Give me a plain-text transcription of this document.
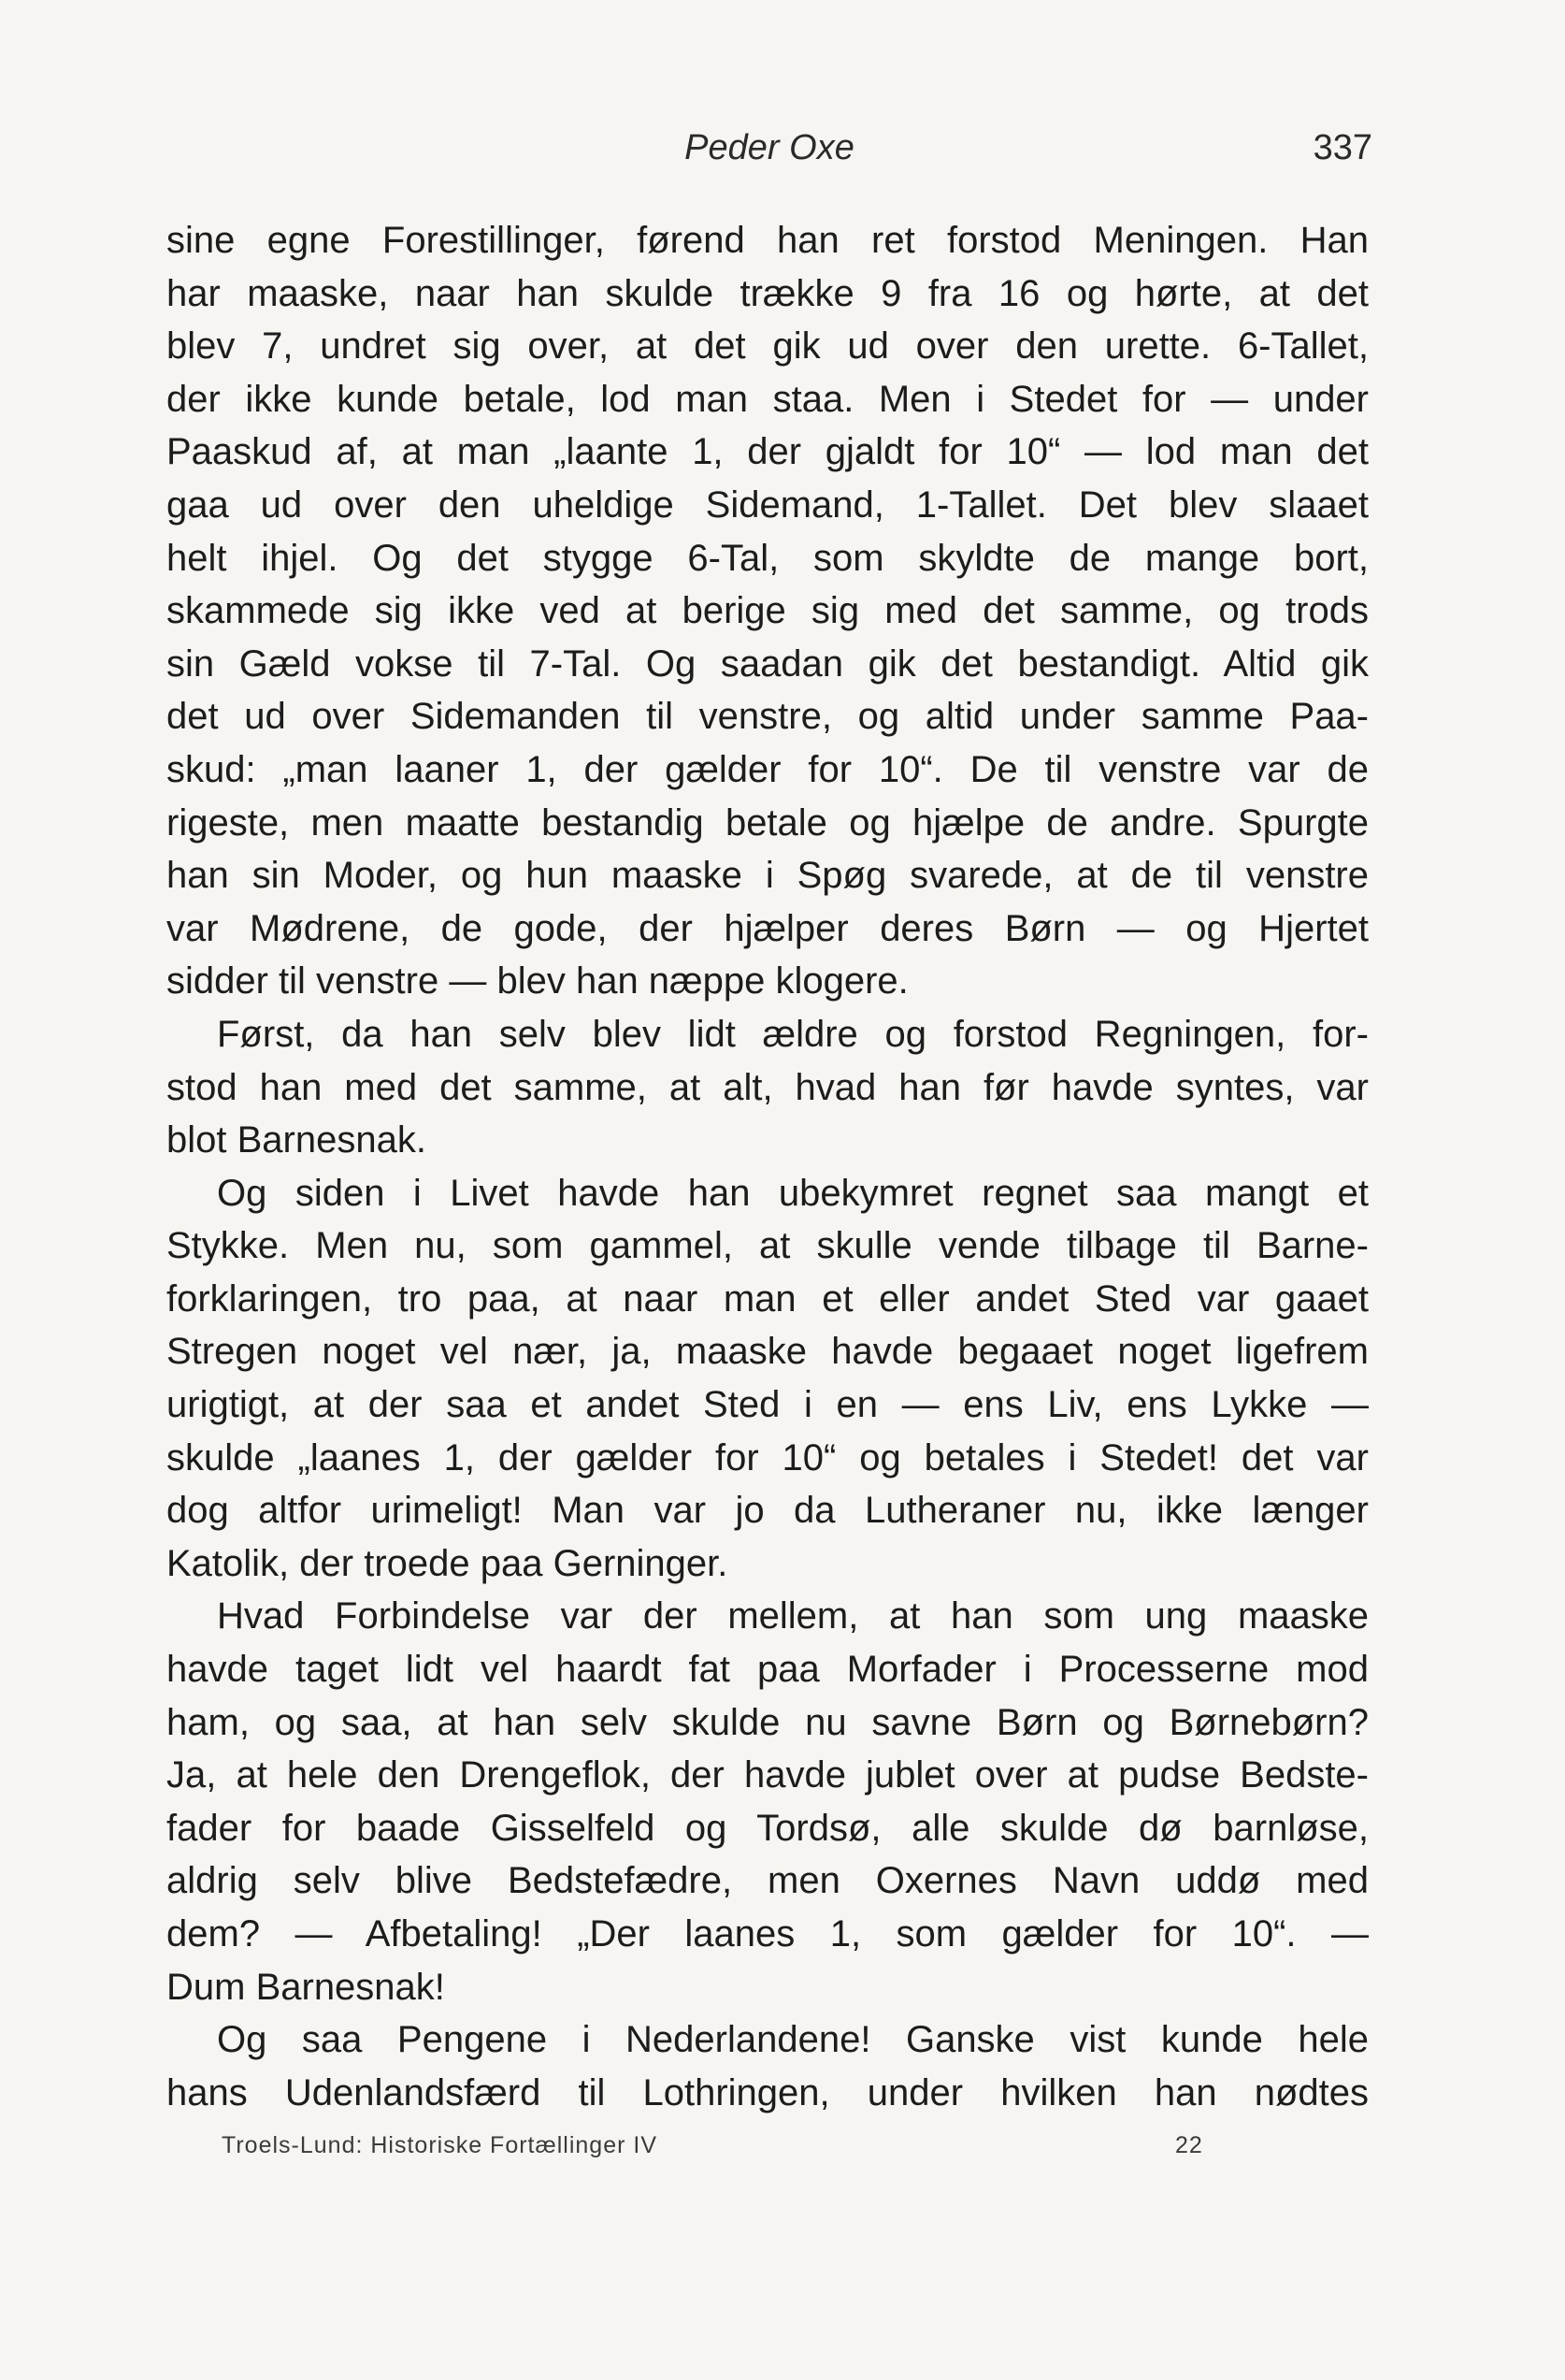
Peder Oxe	337
sine egne Forestillinger, førend han ret forstod Meningen. Han
har maaske, naar han skulde trække 9 fra 16 og hørte, at det
blev 7, undret sig over, at det gik ud over den urette. 6-Tallet,
der ikke kunde betale, lod man staa. Men i Stedet for — under
Paaskud af, at man „laante 1, der gjaldt for 10“ — lod man det
gaa ud over den uheldige Sidemand, 1-Tallet. Det blev slaaet
helt ihjel. Og det stygge 6-Tal, som skyldte de mange bort,
skammede sig ikke ved at berige sig med det samme, og trods
sin Gæld vokse til 7-Tal. Og saadan gik det bestandigt. Altid gik
det ud over Sidemanden til venstre, og altid under samme Paa-
skud: „man laaner 1, der gælder for 10“. De til venstre var de
rigeste, men maatte bestandig betale og hjælpe de andre. Spurgte
han sin Moder, og hun maaske i Spøg svarede, at de til venstre
var Mødrene, de gode, der hjælper deres Børn — og Hjertet
sidder til venstre — blev han næppe klogere.
Først, da han selv blev lidt ældre og forstod Regningen, for-
stod han med det samme, at alt, hvad han før havde syntes, var
blot Barnesnak.
Og siden i Livet havde han ubekymret regnet saa mangt et
Stykke. Men nu, som gammel, at skulle vende tilbage til Barne-
forklaringen, tro paa, at naar man et eller andet Sted var gaaet
Stregen noget vel nær, ja, maaske havde begaaet noget ligefrem
urigtigt, at der saa et andet Sted i en — ens Liv, ens Lykke —
skulde „laanes 1, der gælder for 10“ og betales i Stedet! det var
dog altfor urimeligt! Man var jo da Lutheraner nu, ikke længer
Katolik, der troede paa Gerninger.
Hvad Forbindelse var der mellem, at han som ung maaske
havde taget lidt vel haardt fat paa Morfader i Processerne mod
ham, og saa, at han selv skulde nu savne Børn og Børnebørn?
Ja, at hele den Drengeflok, der havde jublet over at pudse Bedste-
fader for baade Gisselfeld og Tordsø, alle skulde dø barnløse,
aldrig selv blive Bedstefædre, men Oxernes Navn uddø med
dem? — Afbetaling! „Der laanes 1, som gælder for 10“. —
Dum Barnesnak!
Og saa Pengene i Nederlandene! Ganske vist kunde hele
hans Udenlandsfærd til Lothringen, under hvilken han nødtes
Troels-Lund: Historiske Fortællinger IV	22
